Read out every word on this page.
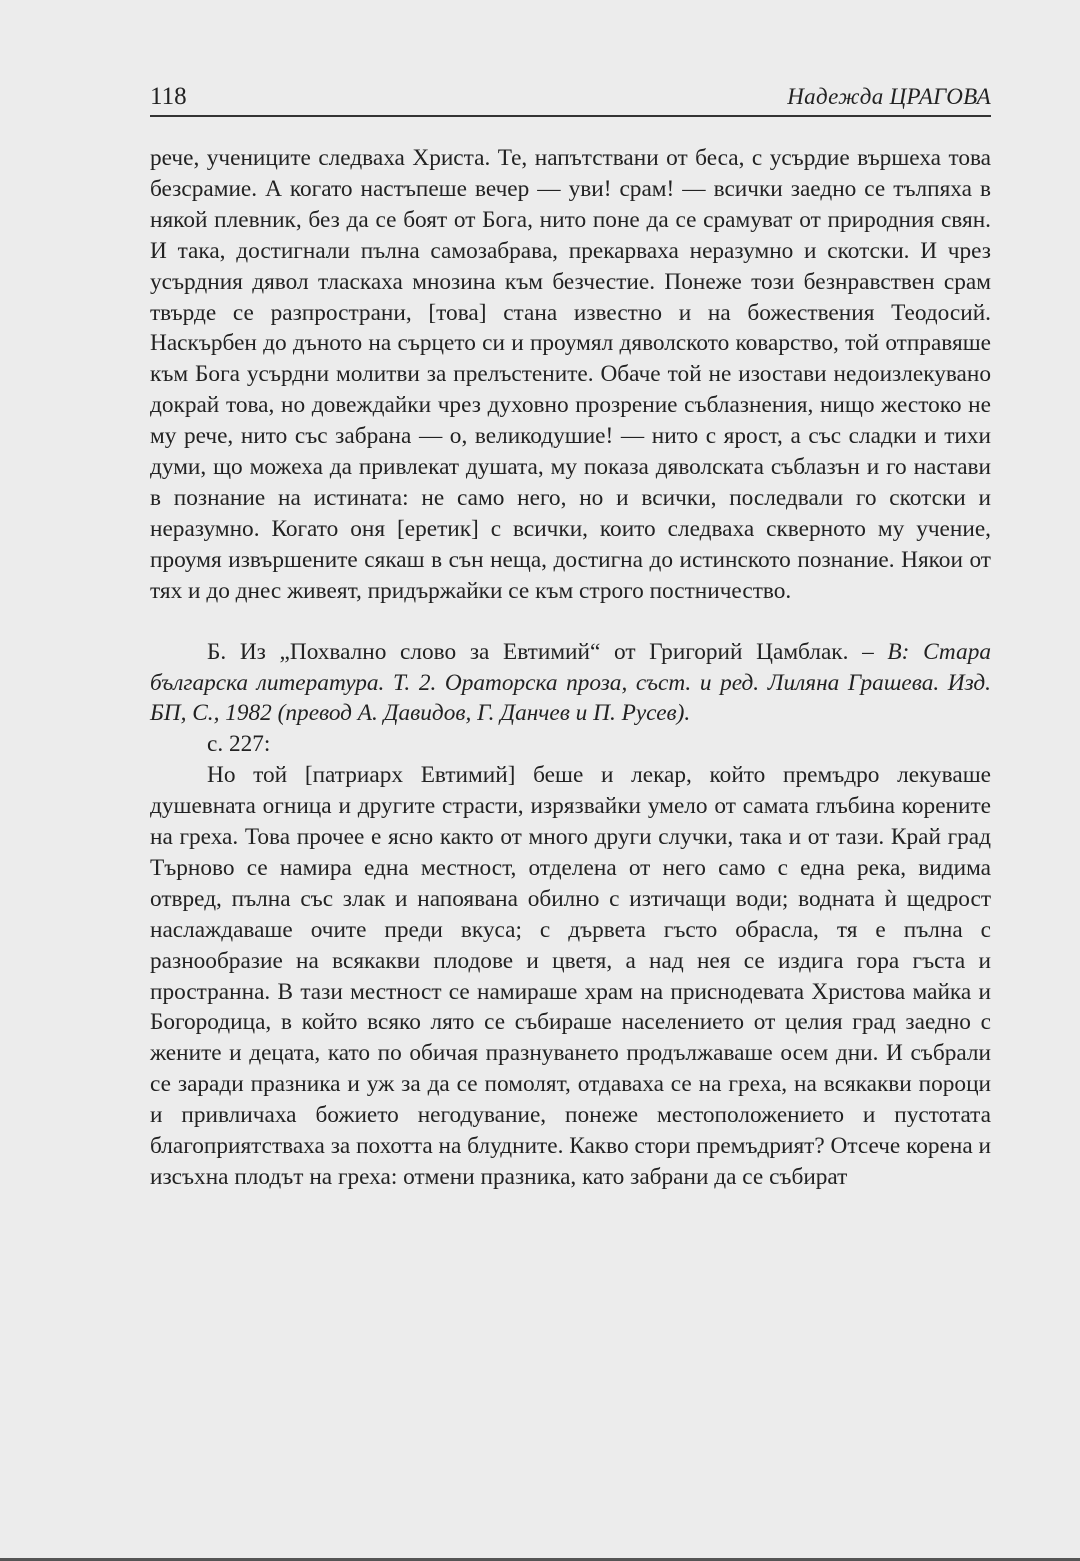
118	Надежда ЦРАГОВА

рече, учениците следваха Христа. Те, напътствани от беса, с усърдие вършеха това безсрамие. А когато настъпеше вечер — уви! срам! — всички заедно се тълпяха в някой плевник, без да се боят от Бога, нито поне да се срамуват от природния свян. И така, достигнали пълна самозабрава, прекарваха неразумно и скотски. И чрез усърдния дявол тласкаха мнозина към безчестие. Понеже този безнравствен срам твърде се разпространи, [това] стана известно и на божествения Теодосий. Наскърбен до дъното на сърцето си и проумял дяволското коварство, той отправяше към Бога усърдни молитви за прелъстените. Обаче той не изостави недоизлекувано докрай това, но довеждайки чрез духовно прозрение съблазнения, нищо жестоко не му рече, нито със забрана — о, великодушие! — нито с ярост, а със сладки и тихи думи, що можеха да привлекат душата, му показа дяволската съблазън и го настави в познание на истината: не само него, но и всички, последвали го скотски и неразумно. Когато оня [еретик] с всички, които следваха скверното му учение, проумя извършените сякаш в сън неща, достигна до истинското познание. Някои от тях и до днес живеят, придържайки се към строго постничество.

Б. Из „Похвално слово за Евтимий“ от Григорий Цамблак. – В: Стара българска литература. Т. 2. Ораторска проза, съст. и ред. Лиляна Грашева. Изд. БП, С., 1982 (превод А. Давидов, Г. Данчев и П. Русев).

с. 227:

Но той [патриарх Евтимий] беше и лекар, който премъдро лекуваше душевната огница и другите страсти, изрязвайки умело от самата глъбина корените на греха. Това прочее е ясно както от много други случки, така и от тази. Край град Търново се намира една местност, отделена от него само с една река, видима отвред, пълна със злак и напоявана обилно с изтичащи води; водната ѝ щедрост наслаждаваше очите преди вкуса; с дървета гъсто обрасла, тя е пълна с разнообразие на всякакви плодове и цветя, а над нея се издига гора гъста и пространна. В тази местност се намираше храм на приснодевата Христова майка и Богородица, в който всяко лято се събираше населението от целия град заедно с жените и децата, като по обичая празнуването продължаваше осем дни. И събрали се заради празника и уж за да се помолят, отдаваха се на греха, на всякакви пороци и привличаха божието негодувание, понеже местоположението и пустотата благоприятстваха за похотта на блудните. Какво стори премъдрият? Отсече корена и изсъхна плодът на греха: отмени празника, като забрани да се събират
